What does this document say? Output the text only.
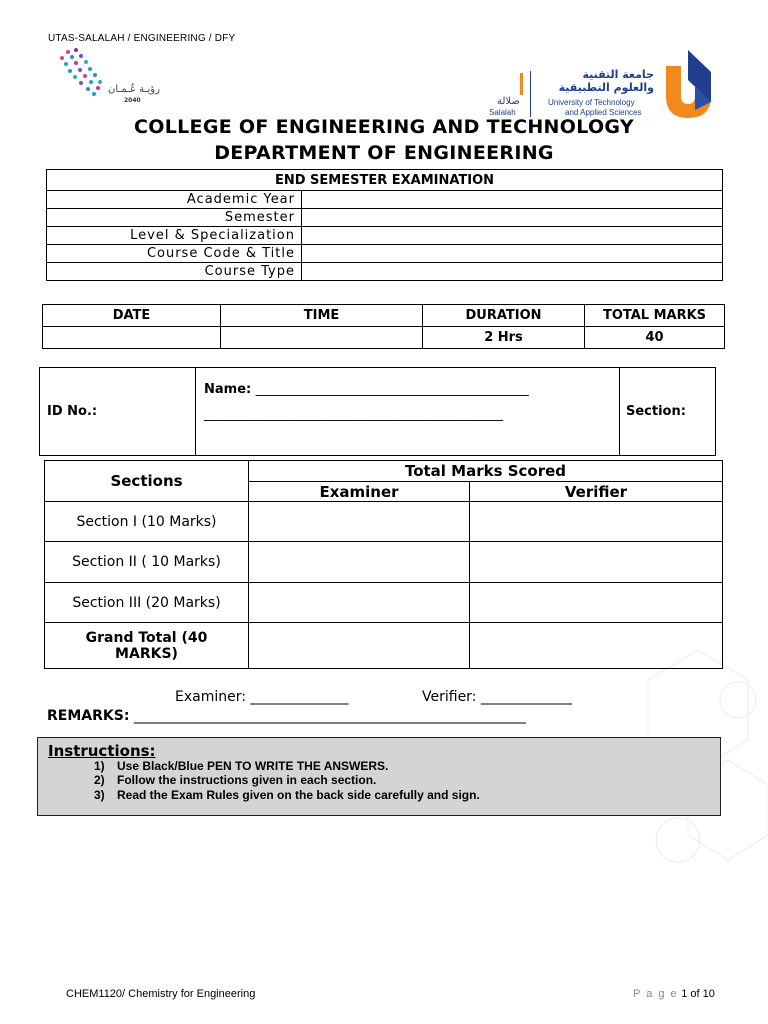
UTAS-SALALAH / ENGINEERING / DFY
رؤيـة عُـمـان
2040
جامعة التقنية
والعلوم التطبيقية
University of Technology
and Applied Sciences
صلالة
Salalah
COLLEGE OF ENGINEERING AND TECHNOLOGY
DEPARTMENT OF ENGINEERING
END SEMESTER EXAMINATION	
Academic Year	
Semester	
Level & Specialization	
Course Code & Title	
Course Type	
DATE	TIME	DURATION	TOTAL MARKS
		2 Hrs	40
ID No.:	
Name: __________________________________________
______________________________________________	Section:
Sections	Total Marks Scored	
	Examiner	Verifier
Section I (10 Marks)		
Section II ( 10 Marks)		
Section III (20 Marks)		
Grand Total (40 MARKS)		
Examiner: ______________	Verifier: _____________
REMARKS: ________________________________________________________
Instructions:
1) Use Black/Blue PEN TO WRITE THE ANSWERS.
2) Follow the instructions given in each section.
3) Read the Exam Rules given on the back side carefully and sign.
CHEM1120/ Chemistry for Engineering	P a g e 1 of 10
